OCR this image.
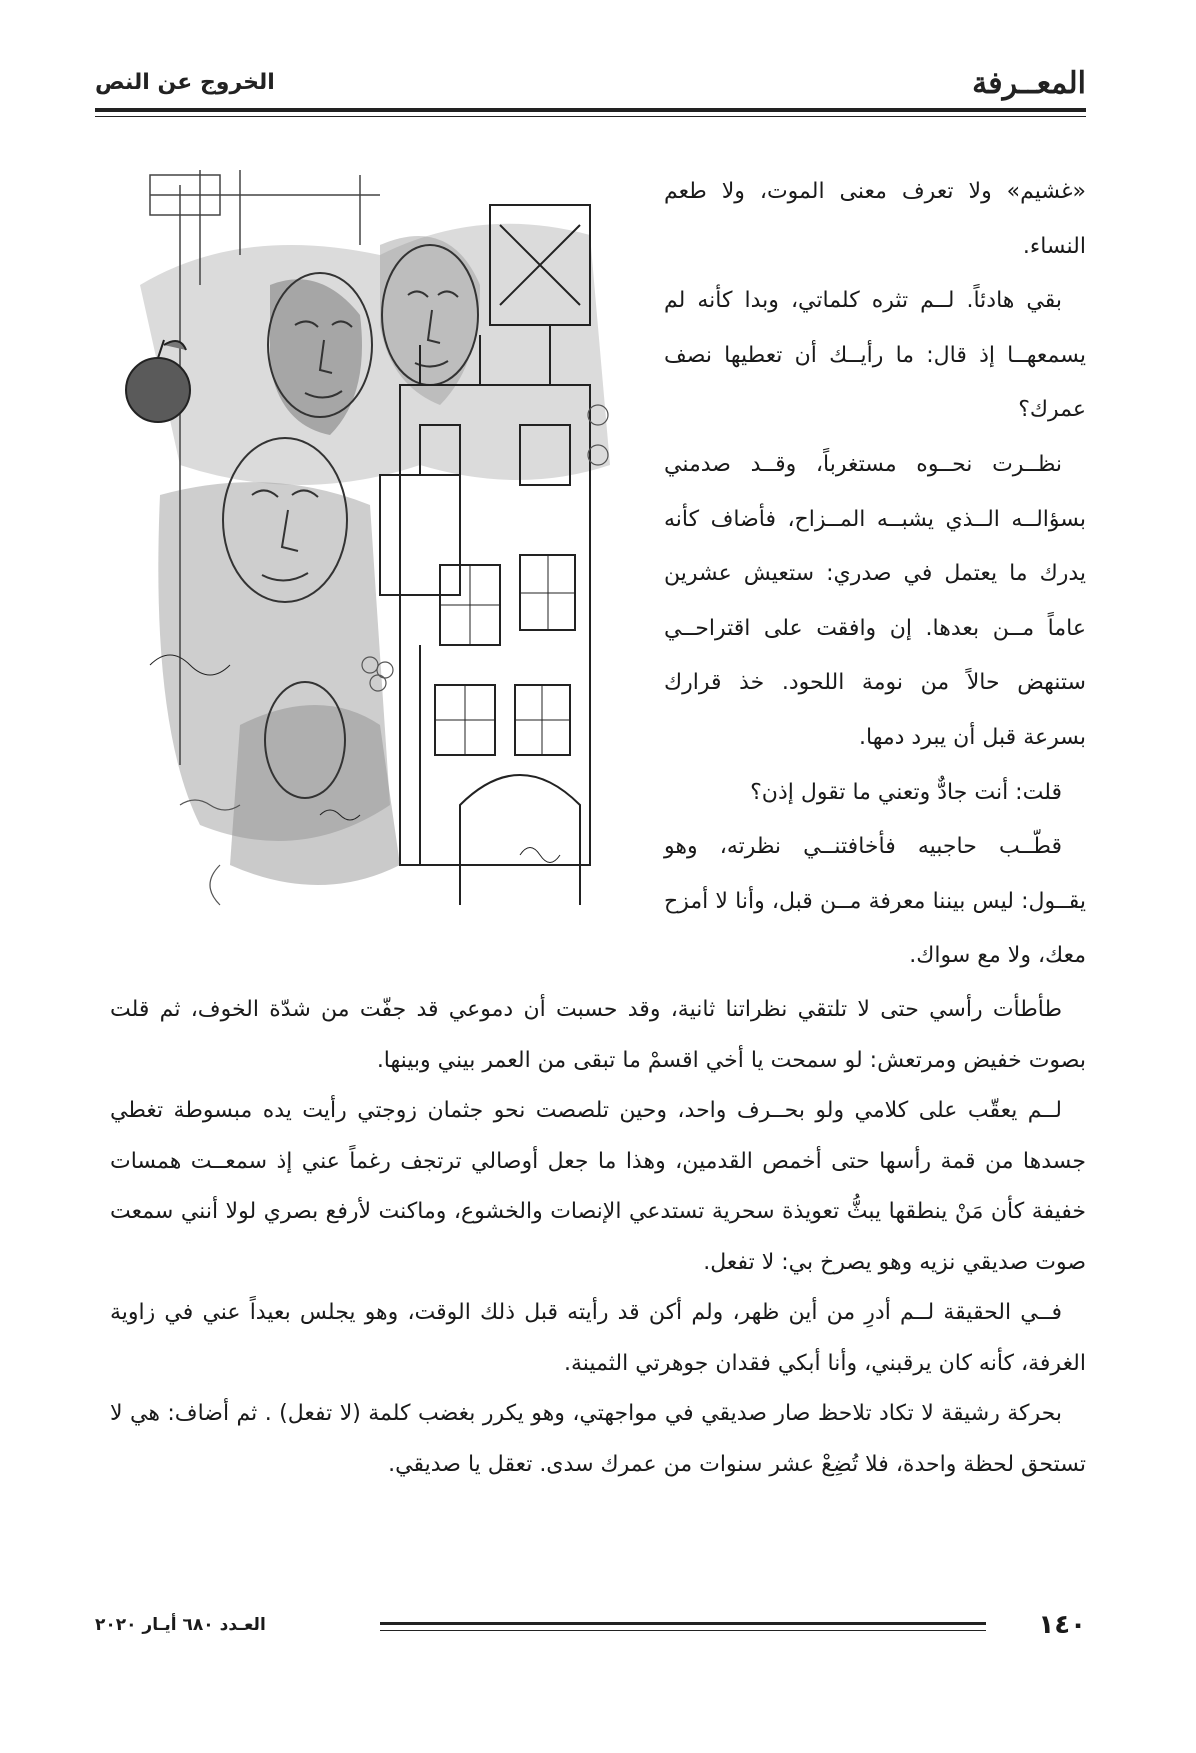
المعــرفة
الخروج عن النص

«غشيم» ولا تعرف معنى الموت، ولا طعم النساء.

بقي هادئاً. لــم تثره كلماتي، وبدا كأنه لم يسمعهــا إذ قال: ما رأيــك أن تعطيها نصف عمرك؟

نظــرت نحــوه مستغرباً، وقــد صدمني بسؤالــه الــذي يشبــه المــزاح، فأضاف كأنه يدرك ما يعتمل في صدري: ستعيش عشرين عاماً مــن بعدها. إن وافقت على اقتراحــي ستنهض حالاً من نومة اللحود. خذ قرارك بسرعة قبل أن يبرد دمها.

قلت: أنت جادٌّ وتعني ما تقول إذن؟

قطّــب حاجبيه فأخافتنــي نظرته، وهو يقــول: ليس بيننا معرفة مــن قبل، وأنا لا أمزح معك، ولا مع سواك.

طأطأت رأسي حتى لا تلتقي نظراتنا ثانية، وقد حسبت أن دموعي قد جفّت من شدّة الخوف، ثم قلت بصوت خفيض ومرتعش: لو سمحت يا أخي اقسمْ ما تبقى من العمر بيني وبينها.

لــم يعقّب على كلامي ولو بحــرف واحد، وحين تلصصت نحو جثمان زوجتي رأيت يده مبسوطة تغطي جسدها من قمة رأسها حتى أخمص القدمين، وهذا ما جعل أوصالي ترتجف رغماً عني إذ سمعــت همسات خفيفة كأن مَنْ ينطقها يبثُّ تعويذة سحرية تستدعي الإنصات والخشوع، وماكنت لأرفع بصري لولا أنني سمعت صوت صديقي نزيه وهو يصرخ بي: لا تفعل.

فــي الحقيقة لــم أدرِ من أين ظهر، ولم أكن قد رأيته قبل ذلك الوقت، وهو يجلس بعيداً عني في زاوية الغرفة، كأنه كان يرقبني، وأنا أبكي فقدان جوهرتي الثمينة.

بحركة رشيقة لا تكاد تلاحظ صار صديقي في مواجهتي، وهو يكرر بغضب كلمة (لا تفعل) . ثم أضاف: هي لا تستحق لحظة واحدة، فلا تُضِعْ عشر سنوات من عمرك سدى. تعقل يا صديقي.

١٤٠
العـدد ٦٨٠ أيـار ٢٠٢٠
